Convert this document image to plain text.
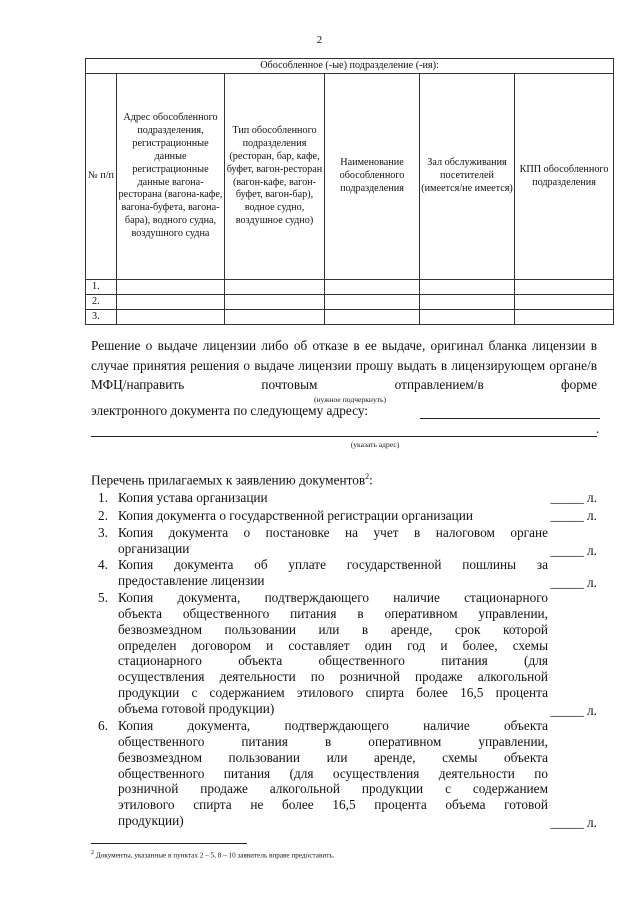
2
Обособленное (-ые) подразделение (-ия):					
№ п/п	Адрес обособленного подразделения, регистрационные данные регистрационные данные вагона-ресторана (вагона-кафе, вагона-буфета, вагона-бара), водного судна, воздушного судна	Тип обособленного подразделения (ресторан, бар, кафе, буфет, вагон-ресторан (вагон-кафе, вагон-буфет, вагон-бар), водное судно, воздушное судно)	Наименование обособленного подразделения	Зал обслуживания посетителей (имеется/не имеется)	КПП обособленного подразделения
1.					
2.					
3.					
Решение о выдаче лицензии либо об отказе в ее выдаче, оригинал бланка лицензии в случае принятия решения о выдаче лицензии прошу выдать в лицензирующем органе/в МФЦ/направить почтовым отправлением/в форме
(нужное подчеркнуть)
электронного документа по следующему адресу:
.
(указать адрес)
Перечень прилагаемых к заявлению документов$^2$:
1. Копия устава организации	_____ л.
2. Копия документа о государственной регистрации организации	_____ л.
3. Копия документа о постановке на учет в налоговом органе
организации	_____ л.
4. Копия документа об уплате государственной пошлины за
предоставление лицензии	_____ л.
5. Копия документа, подтверждающего наличие стационарного
объекта общественного питания в оперативном управлении,
безвозмездном пользовании или в аренде, срок которой
определен договором и составляет один год и более, схемы
стационарного объекта общественного питания (для
осуществления деятельности по розничной продаже алкогольной
продукции с содержанием этилового спирта более 16,5 процента
объема готовой продукции)	_____ л.
6. Копия документа, подтверждающего наличие объекта
общественного питания в оперативном управлении,
безвозмездном пользовании или аренде, схемы объекта
общественного питания (для осуществления деятельности по
розничной продаже алкогольной продукции с содержанием
этилового спирта не более 16,5 процента объема готовой
продукции)	_____ л.
$^2$ Документы, указанные в пунктах 2 – 5, 8 – 10 заявитель вправе предоставить.
